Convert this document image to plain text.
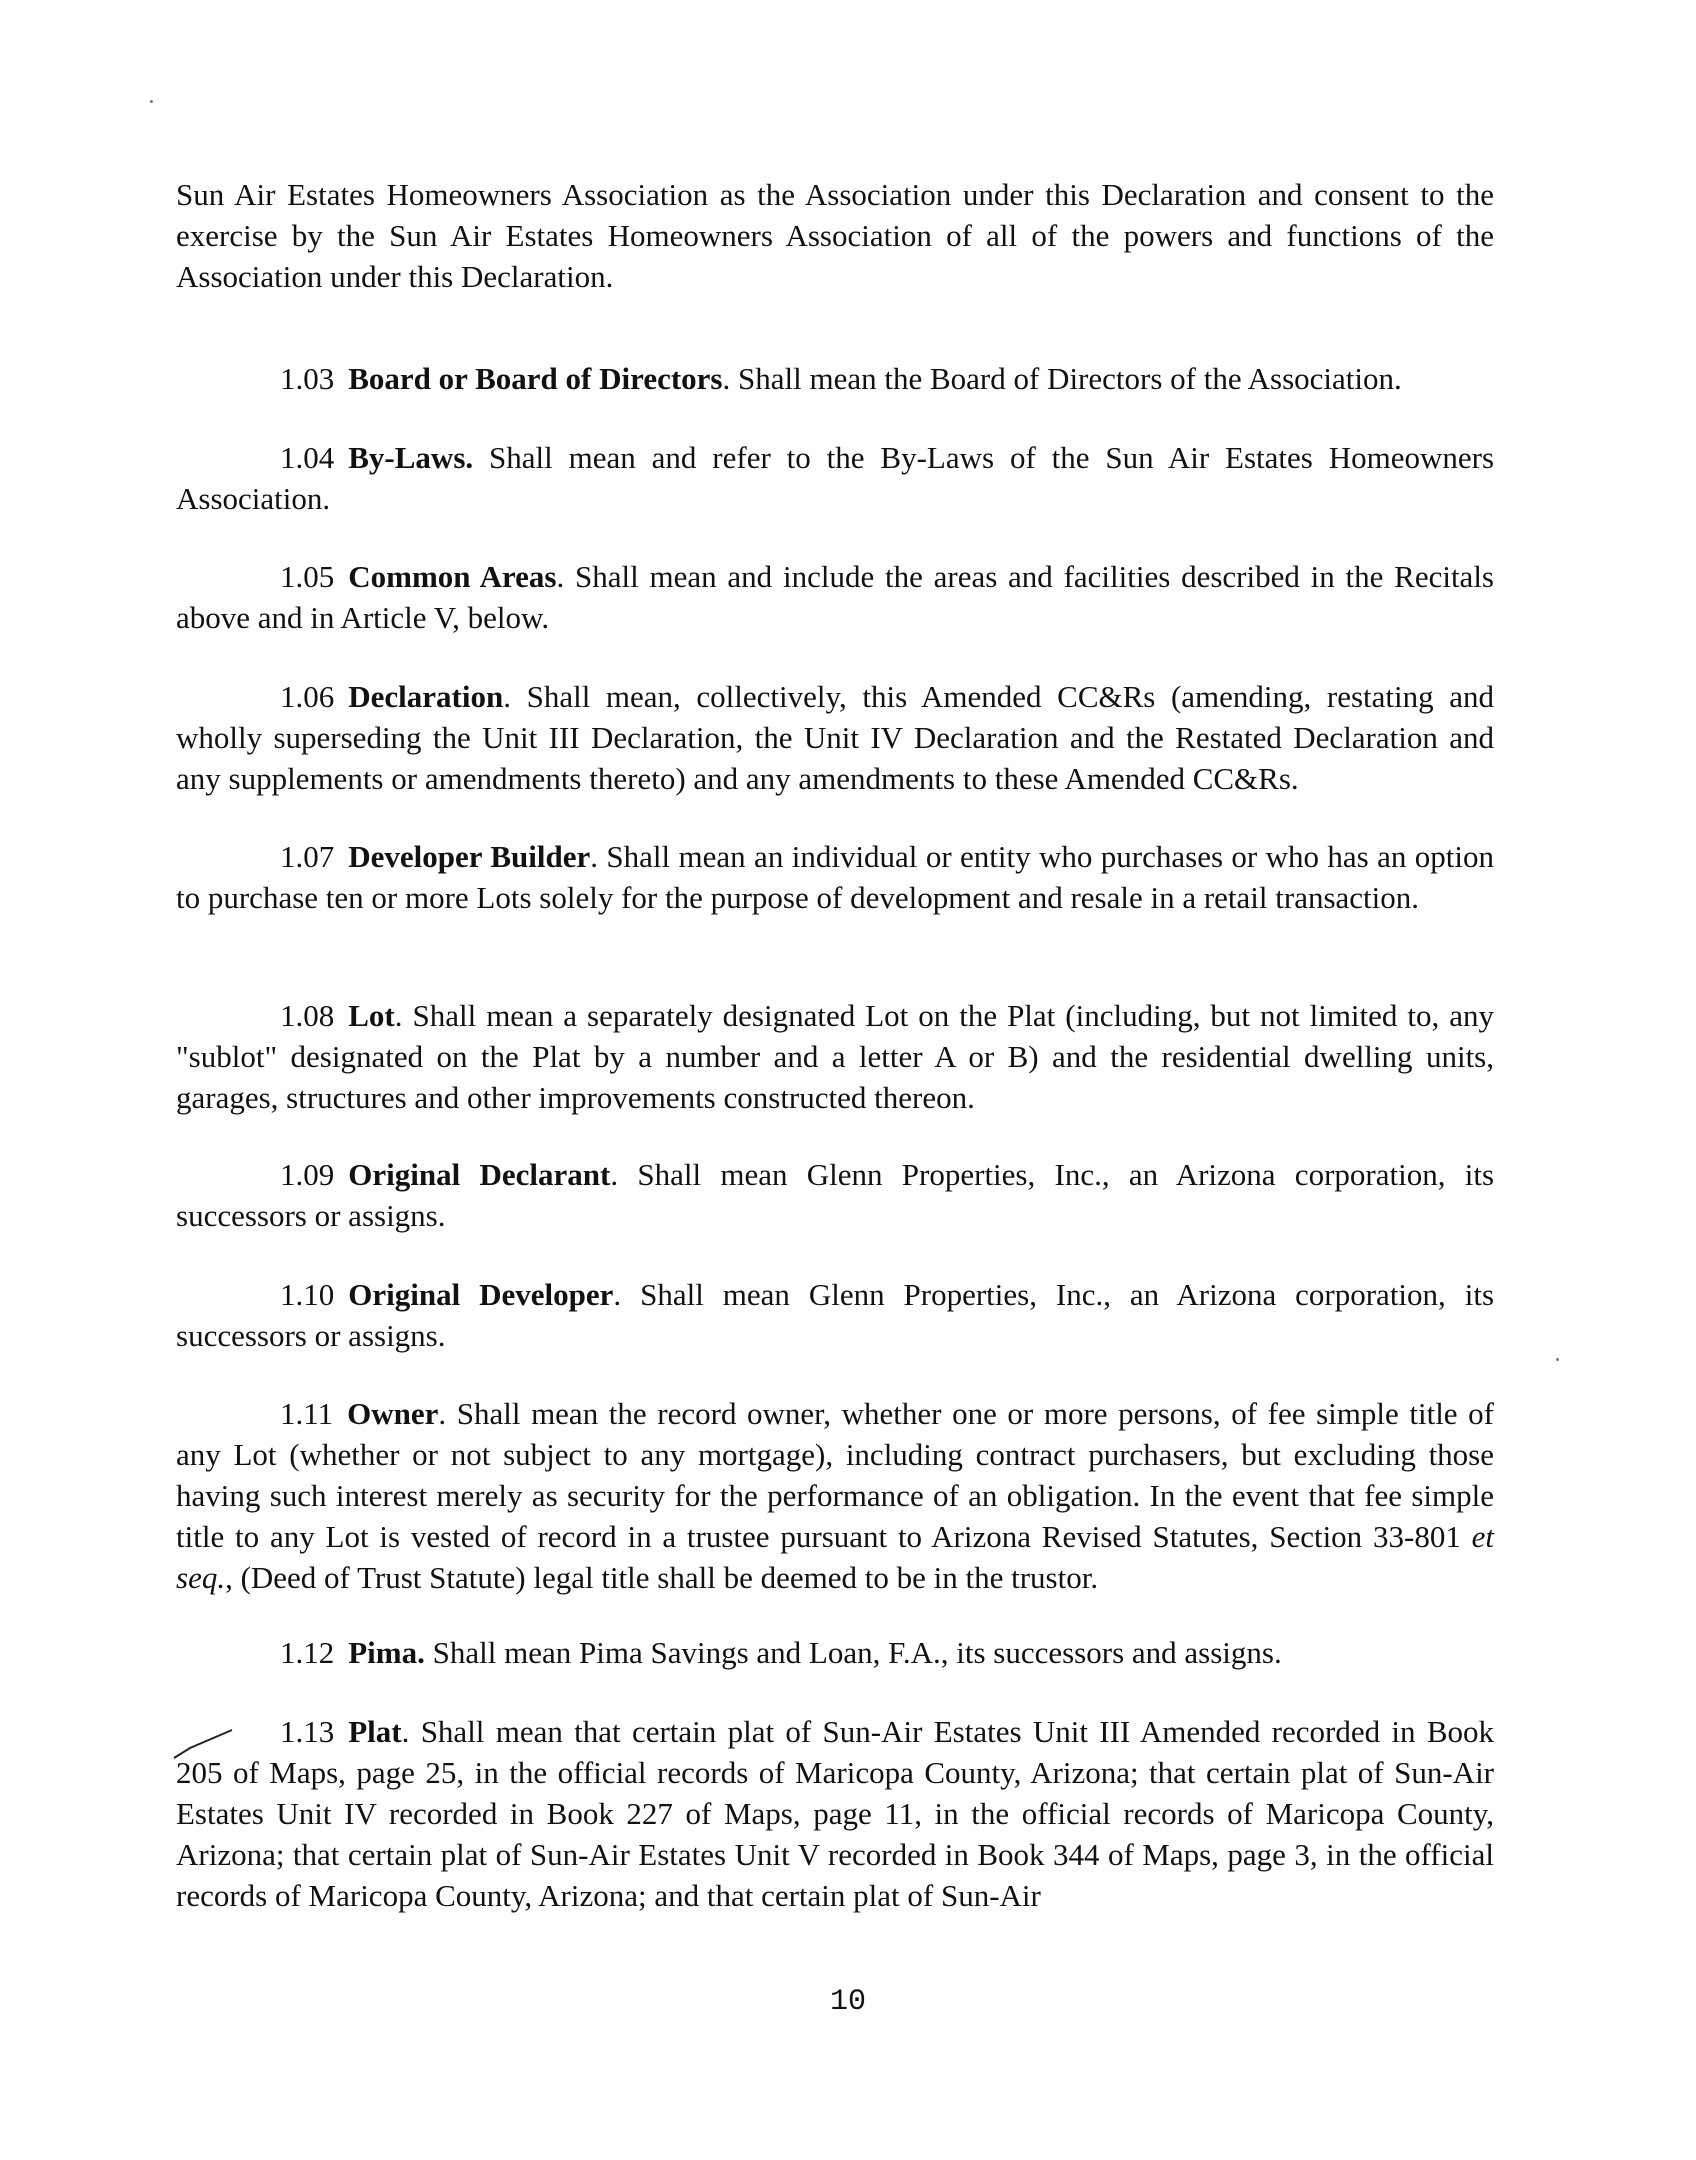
Sun Air Estates Homeowners Association as the Association under this Declaration and consent to the exercise by the Sun Air Estates Homeowners Association of all of the powers and functions of the Association under this Declaration.

1.03 Board or Board of Directors. Shall mean the Board of Directors of the Association.

1.04 By-Laws. Shall mean and refer to the By-Laws of the Sun Air Estates Homeowners Association.

1.05 Common Areas. Shall mean and include the areas and facilities described in the Recitals above and in Article V, below.

1.06 Declaration. Shall mean, collectively, this Amended CC&Rs (amending, restating and wholly superseding the Unit III Declaration, the Unit IV Declaration and the Restated Declaration and any supplements or amendments thereto) and any amendments to these Amended CC&Rs.

1.07 Developer Builder. Shall mean an individual or entity who purchases or who has an option to purchase ten or more Lots solely for the purpose of development and resale in a retail transaction.

1.08 Lot. Shall mean a separately designated Lot on the Plat (including, but not limited to, any "sublot" designated on the Plat by a number and a letter A or B) and the residential dwelling units, garages, structures and other improvements constructed thereon.

1.09 Original Declarant. Shall mean Glenn Properties, Inc., an Arizona corporation, its successors or assigns.

1.10 Original Developer. Shall mean Glenn Properties, Inc., an Arizona corporation, its successors or assigns.

1.11 Owner. Shall mean the record owner, whether one or more persons, of fee simple title of any Lot (whether or not subject to any mortgage), including contract purchasers, but excluding those having such interest merely as security for the performance of an obligation. In the event that fee simple title to any Lot is vested of record in a trustee pursuant to Arizona Revised Statutes, Section 33-801 et seq., (Deed of Trust Statute) legal title shall be deemed to be in the trustor.

1.12 Pima. Shall mean Pima Savings and Loan, F.A., its successors and assigns.

1.13 Plat. Shall mean that certain plat of Sun-Air Estates Unit III Amended recorded in Book 205 of Maps, page 25, in the official records of Maricopa County, Arizona; that certain plat of Sun-Air Estates Unit IV recorded in Book 227 of Maps, page 11, in the official records of Maricopa County, Arizona; that certain plat of Sun-Air Estates Unit V recorded in Book 344 of Maps, page 3, in the official records of Maricopa County, Arizona; and that certain plat of Sun-Air

10
